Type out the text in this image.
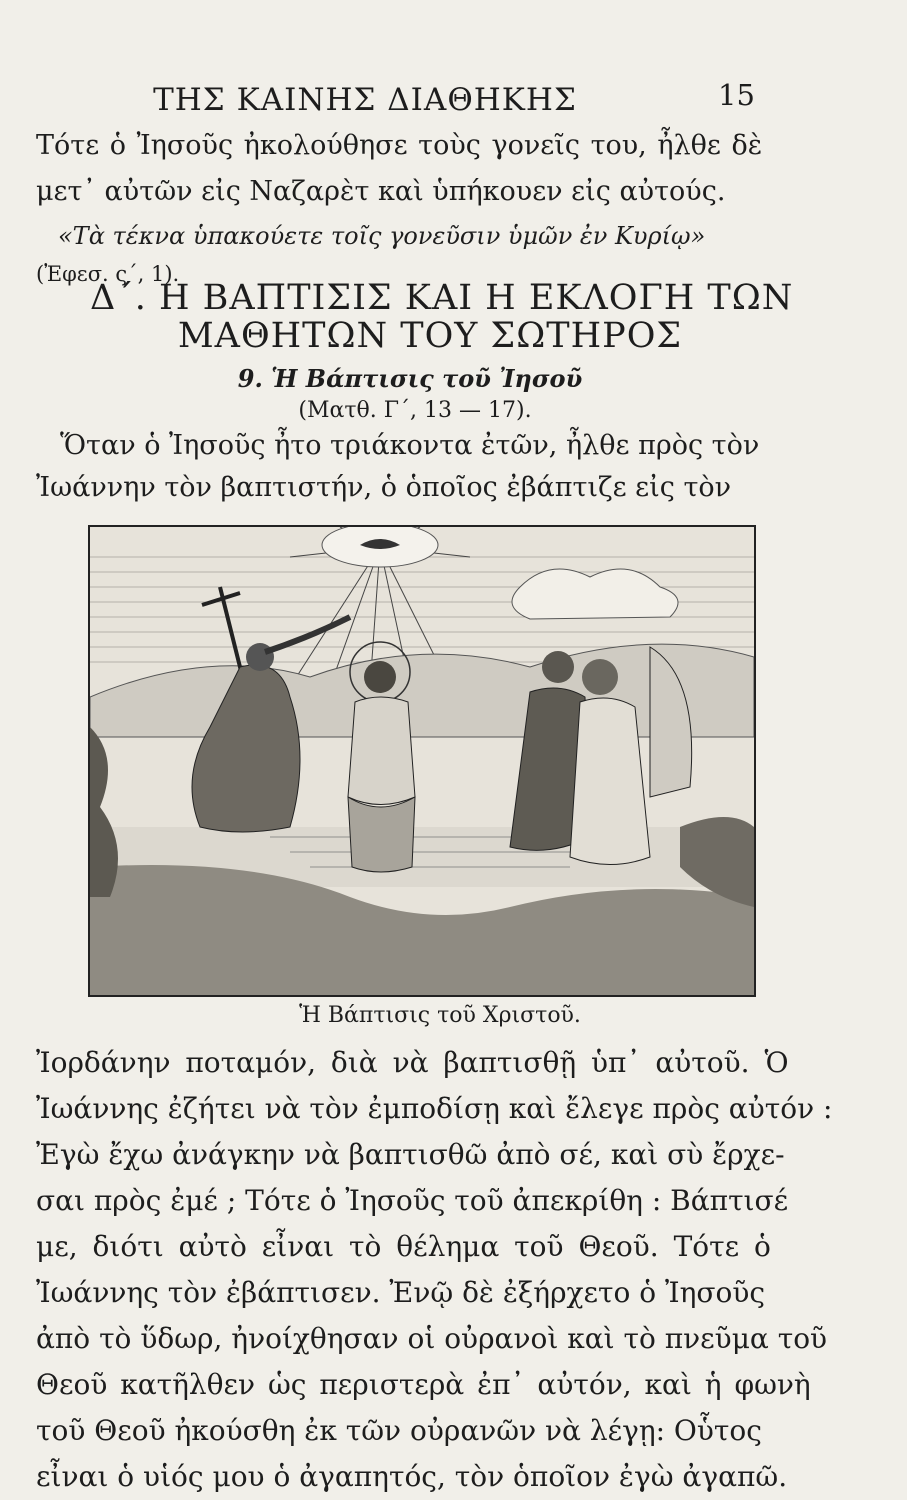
ΤΗΣ ΚΑΙΝΗΣ ΔΙΑΘΗΚΗΣ	15
Τότε ὁ Ἰησοῦς ἠκολούθησε τοὺς γονεῖς του, ἦλθε δὲ
μετ᾽ αὐτῶν εἰς Ναζαρὲτ καὶ ὑπήκουεν εἰς αὐτούς.
«Τὰ τέκνα ὑπακούετε τοῖς γονεῦσιν ὑμῶν ἐν Κυρίῳ»
(Ἐφεσ. ς΄, 1).
Δ΄. Η ΒΑΠΤΙΣΙΣ ΚΑΙ Η ΕΚΛΟΓΗ ΤΩΝ
ΜΑΘΗΤΩΝ ΤΟΥ ΣΩΤΗΡΟΣ
9. Ἡ Βάπτισις τοῦ Ἰησοῦ
(Ματθ. Γ΄, 13 — 17).
Ὅταν ὁ Ἰησοῦς ἦτο τριάκοντα ἐτῶν, ἦλθε πρὸς τὸν
Ἰωάννην τὸν βαπτιστήν, ὁ ὁποῖος ἐβάπτιζε εἰς τὸν
Ἡ Βάπτισις τοῦ Χριστοῦ.
Ἰορδάνην ποταμόν, διὰ νὰ βαπτισθῇ ὑπ᾽ αὐτοῦ. Ὁ
Ἰωάννης ἐζήτει νὰ τὸν ἐμποδίσῃ καὶ ἔλεγε πρὸς αὐτόν :
Ἐγὼ ἔχω ἀνάγκην νὰ βαπτισθῶ ἀπὸ σέ, καὶ σὺ ἔρχε-
σαι πρὸς ἐμέ ; Τότε ὁ Ἰησοῦς τοῦ ἀπεκρίθη : Βάπτισέ
με, διότι αὐτὸ εἶναι τὸ θέλημα τοῦ Θεοῦ. Τότε ὁ
Ἰωάννης τὸν ἐβάπτισεν. Ἐνῷ δὲ ἐξήρχετο ὁ Ἰησοῦς
ἀπὸ τὸ ὕδωρ, ἠνοίχθησαν οἱ οὐρανοὶ καὶ τὸ πνεῦμα τοῦ
Θεοῦ κατῆλθεν ὡς περιστερὰ ἐπ᾽ αὐτόν, καὶ ἡ φωνὴ
τοῦ Θεοῦ ἠκούσθη ἐκ τῶν οὐρανῶν νὰ λέγῃ: Οὗτος
εἶναι ὁ υἱός μου ὁ ἀγαπητός, τὸν ὁποῖον ἐγὼ ἀγαπῶ.
